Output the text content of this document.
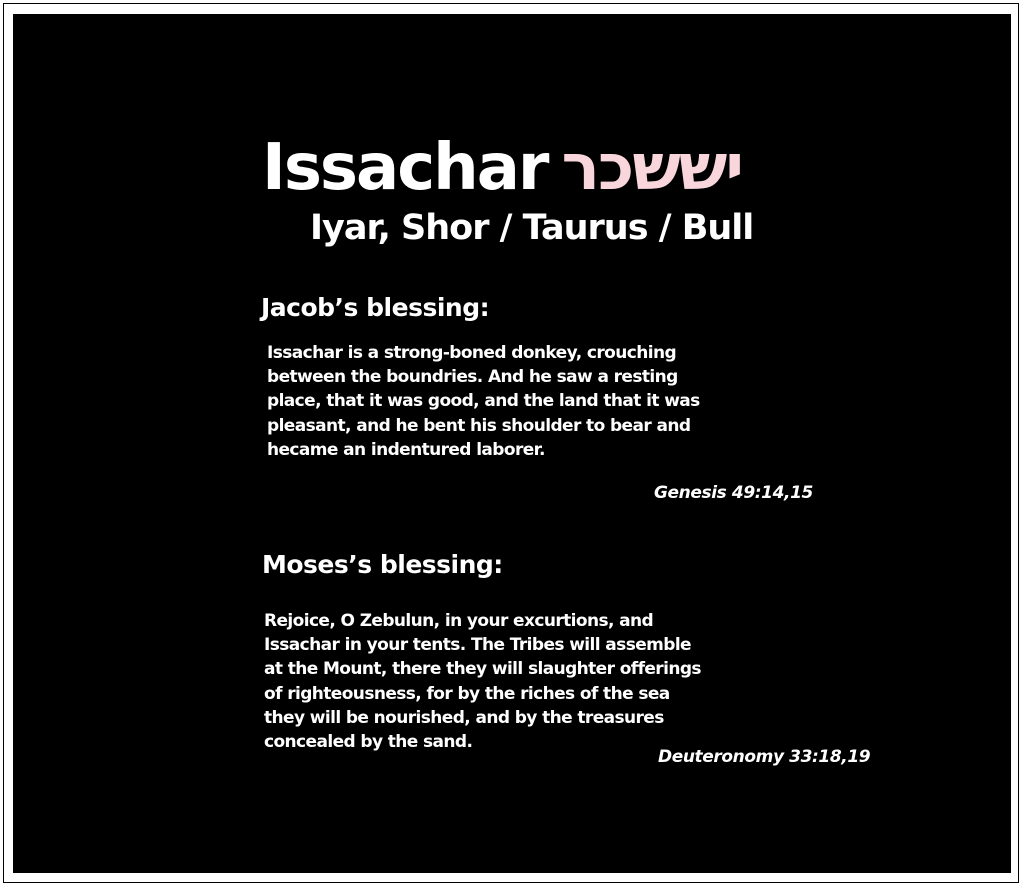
Issachar יששכר
Iyar, Shor / Taurus / Bull
Jacob’s blessing:

Issachar is a strong-boned donkey, crouching
between the boundries. And he saw a resting
place, that it was good, and the land that it was
pleasant, and he bent his shoulder to bear and
hecame an indentured laborer.

Genesis 49:14,15
Moses’s blessing:

Rejoice, O Zebulun, in your excurtions, and
Issachar in your tents. The Tribes will assemble
at the Mount, there they will slaughter offerings
of righteousness, for by the riches of the sea
they will be nourished, and by the treasures
concealed by the sand.

Deuteronomy 33:18,19
